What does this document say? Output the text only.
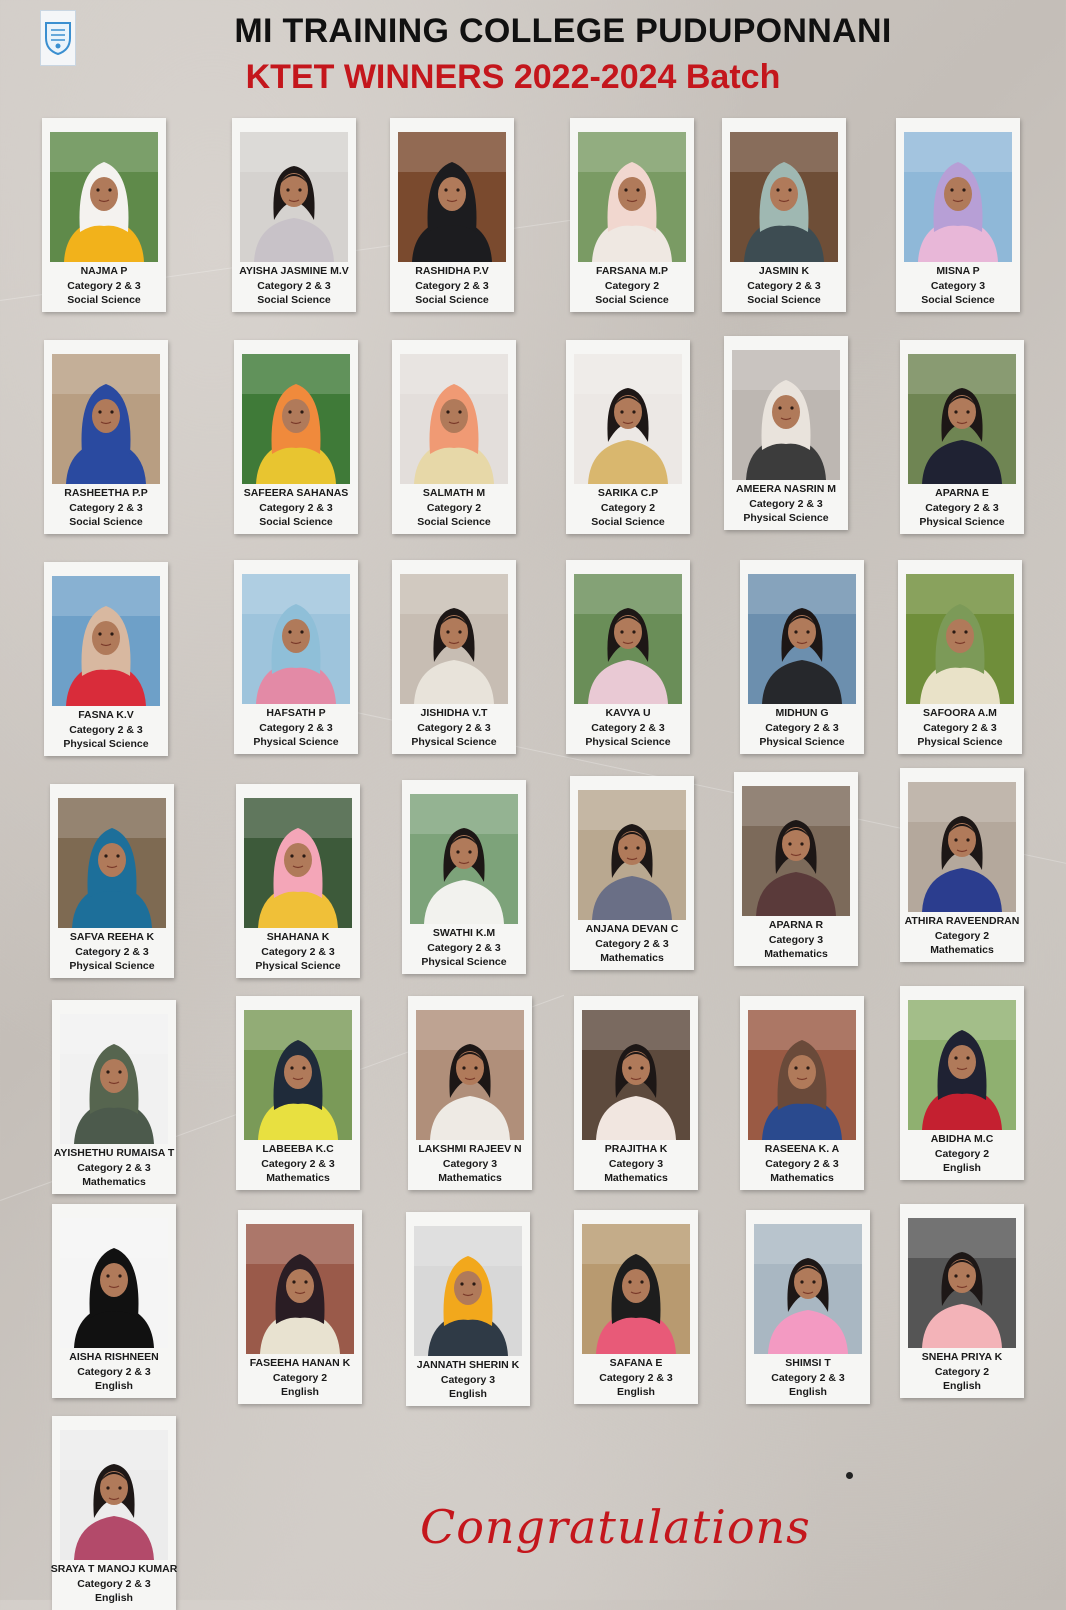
MI TRAINING COLLEGE PUDUPONNANI
KTET WINNERS 2022-2024 Batch
NAJMA P
Category 2 & 3
Social Science
AYISHA JASMINE M.V
Category 2 & 3
Social Science
RASHIDHA P.V
Category 2 & 3
Social Science
FARSANA M.P
Category 2
Social Science
JASMIN K
Category 2 & 3
Social Science
MISNA P
Category 3
Social Science
RASHEETHA P.P
Category 2 & 3
Social Science
SAFEERA SAHANAS
Category 2 & 3
Social Science
SALMATH M
Category 2
Social Science
SARIKA C.P
Category 2
Social Science
AMEERA NASRIN M
Category 2 & 3
Physical Science
APARNA E
Category 2 & 3
Physical Science
FASNA K.V
Category 2 & 3
Physical Science
HAFSATH P
Category 2 & 3
Physical Science
JISHIDHA V.T
Category 2 & 3
Physical Science
KAVYA U
Category 2 & 3
Physical Science
MIDHUN G
Category 2 & 3
Physical Science
SAFOORA A.M
Category 2 & 3
Physical Science
SAFVA REEHA K
Category 2 & 3
Physical Science
SHAHANA K
Category 2 & 3
Physical Science
SWATHI K.M
Category 2 & 3
Physical Science
ANJANA DEVAN C
Category 2 & 3
Mathematics
APARNA R
Category 3
Mathematics
ATHIRA RAVEENDRAN
Category 2
Mathematics
AYISHETHU RUMAISA T
Category 2 & 3
Mathematics
LABEEBA K.C
Category 2 & 3
Mathematics
LAKSHMI RAJEEV N
Category 3
Mathematics
PRAJITHA K
Category 3
Mathematics
RASEENA K. A
Category 2 & 3
Mathematics
ABIDHA M.C
Category 2
English
AISHA RISHNEEN
Category 2 & 3
English
FASEEHA HANAN K
Category 2
English
JANNATH SHERIN K
Category 3
English
SAFANA E
Category 2 & 3
English
SHIMSI T
Category 2 & 3
English
SNEHA PRIYA K
Category 2
English
SRAYA T MANOJ KUMAR
Category 2 & 3
English
Congratulations
